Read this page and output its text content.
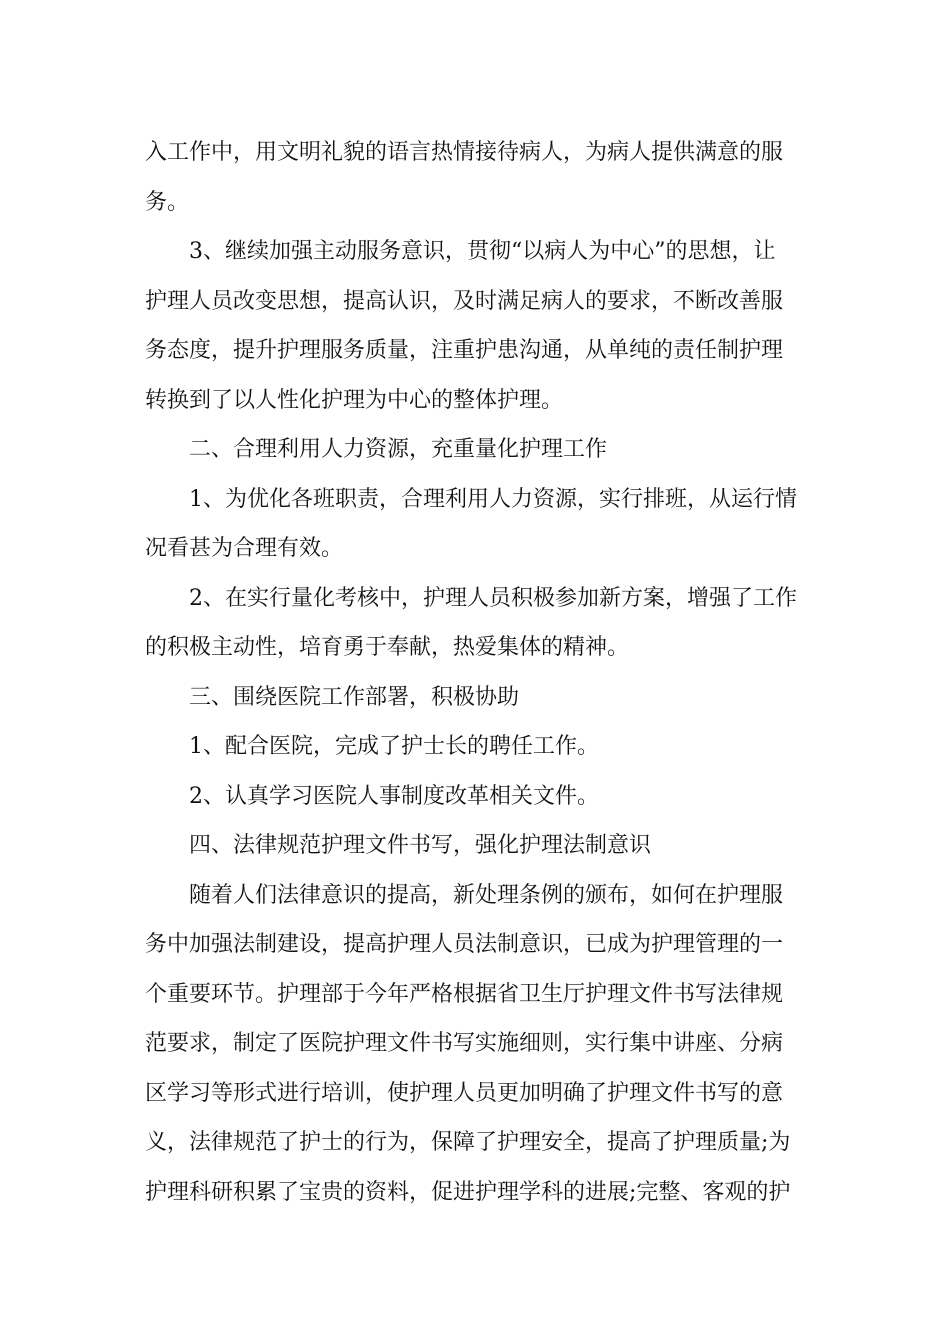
入工作中，用文明礼貌的语言热情接待病人，为病人提供满意的服
务。
3、继续加强主动服务意识，贯彻“以病人为中心”的思想，让
护理人员改变思想，提高认识，及时满足病人的要求，不断改善服
务态度，提升护理服务质量，注重护患沟通，从单纯的责任制护理
转换到了以人性化护理为中心的整体护理。
二、合理利用人力资源，充重量化护理工作
1、为优化各班职责，合理利用人力资源，实行排班，从运行情
况看甚为合理有效。
2、在实行量化考核中，护理人员积极参加新方案，增强了工作
的积极主动性，培育勇于奉献，热爱集体的精神。
三、围绕医院工作部署，积极协助
1、配合医院，完成了护士长的聘任工作。
2、认真学习医院人事制度改革相关文件。
四、法律规范护理文件书写，强化护理法制意识
随着人们法律意识的提高，新处理条例的颁布，如何在护理服
务中加强法制建设，提高护理人员法制意识，已成为护理管理的一
个重要环节。护理部于今年严格根据省卫生厅护理文件书写法律规
范要求，制定了医院护理文件书写实施细则，实行集中讲座、分病
区学习等形式进行培训，使护理人员更加明确了护理文件书写的意
义，法律规范了护士的行为，保障了护理安全，提高了护理质量;为
护理科研积累了宝贵的资料，促进护理学科的进展;完整、客观的护
